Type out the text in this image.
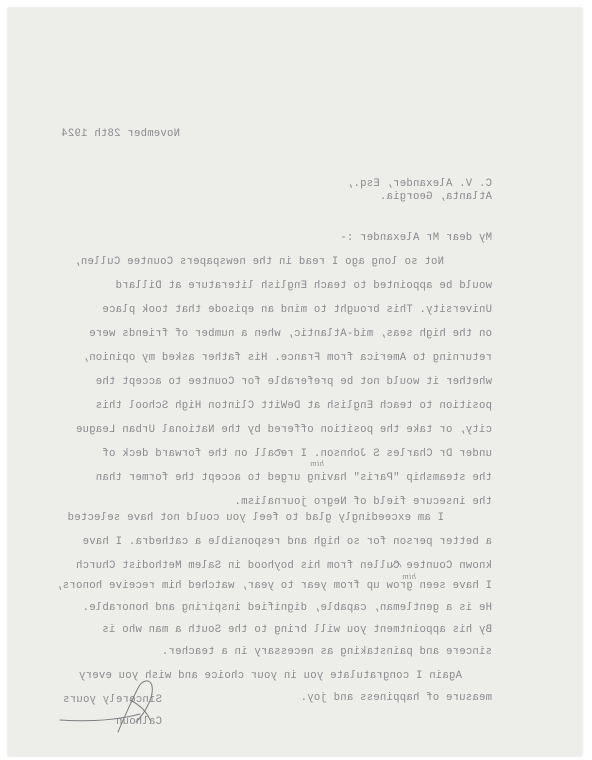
November 28th 1924
C. V. Alexander, Esq.,
Atlanta, Georgia.
My dear Mr Alexander :-
Not so long ago I read in the newspapers Countee Cullen,
would be appointed to teach English literature at Dillard
University. This brought to mind an episode that took place
on the high seas, mid-Atlantic, when a number of friends were
returning to America from France. His father asked my opinion,
whether it would not be preferable for Countee to accept the
position to teach English at DeWitt Clinton High School this
city, or take the position offered by the National Urban League
under Dr Charles S Johnson. I recall on the forward deck of
him
the steamship "Paris" having urged to accept the former than
the insecure field of Negro journalism.
I am exceedingly glad to feel you could not have selected
a better person for so high and responsible a cathedra. I have
known Countee Cullen from his boyhood in Salem Methodist Church
him
I have seen grow up from year to year, watched him receive honors,
He is a gentleman, capable, dignified inspiring and honorable.
By his appointment you will bring to the South a man who is
sincere and painstaking as necessary in a teacher.
Again I congratulate you in your choice and wish you every
measure of happiness and joy.
Sincerely yours
Calhoun
